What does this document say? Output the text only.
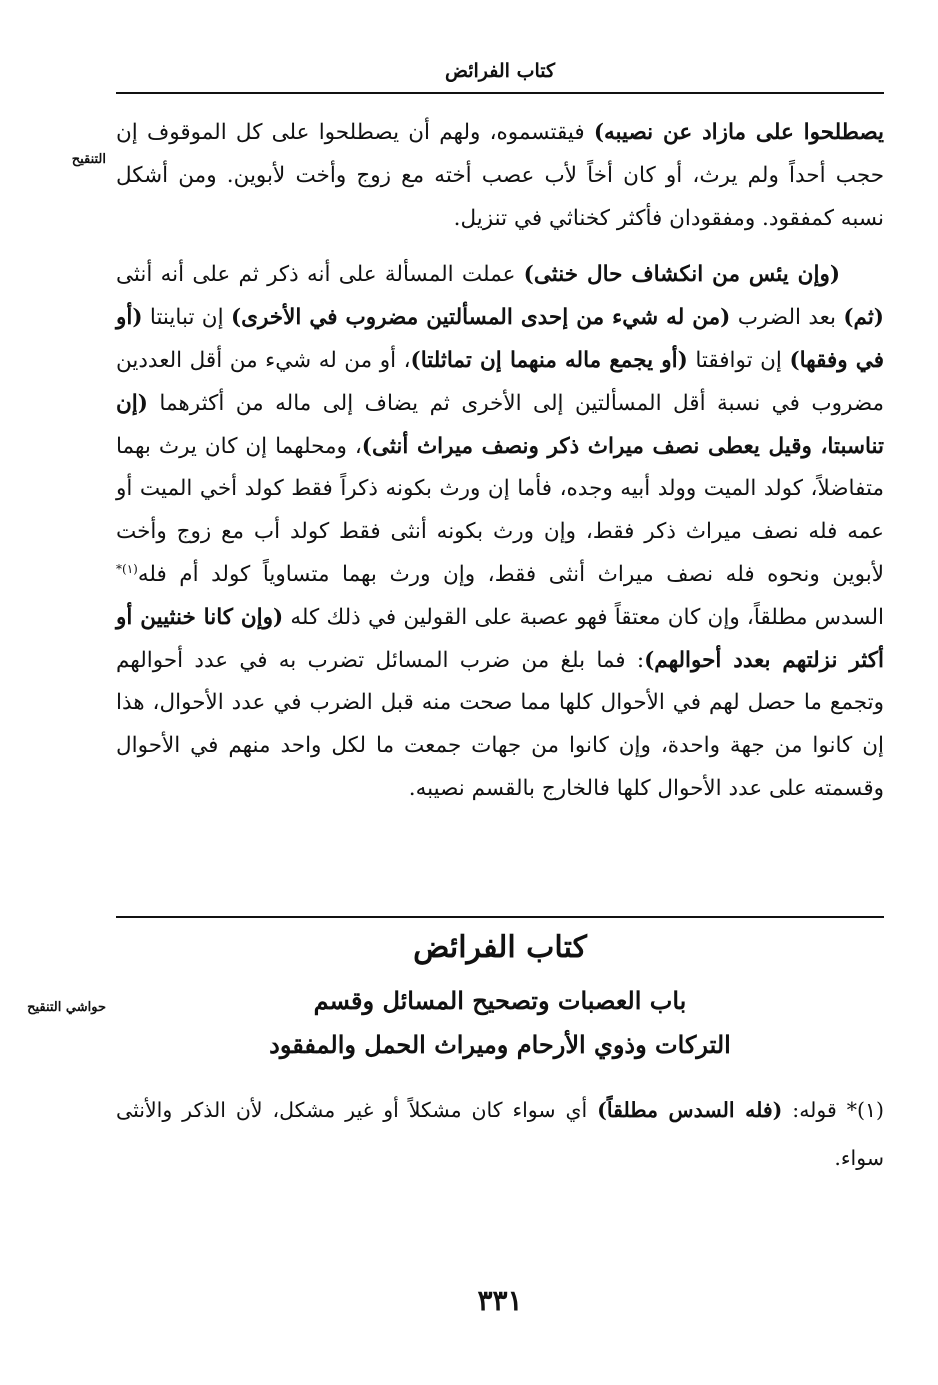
كتاب الفرائض
التنقيح

يصطلحوا على مازاد عن نصيبه) فيقتسموه، ولهم أن يصطلحوا على كل الموقوف إن حجب أحداً ولم يرث، أو كان أخاً لأب عصب أخته مع زوج وأخت لأبوين. ومن أشكل نسبه كمفقود. ومفقودان فأكثر كخناثي في تنزيل.

(وإن يئس من انكشاف حال خنثى) عملت المسألة على أنه ذكر ثم على أنه أنثى (ثم) بعد الضرب (من له شيء من إحدى المسألتين مضروب في الأخرى) إن تباينتا (أو في وفقها) إن توافقتا (أو يجمع ماله منهما إن تماثلتا)، أو من له شيء من أقل العددين مضروب في نسبة أقل المسألتين إلى الأخرى ثم يضاف إلى ماله من أكثرهما (إن تناسبتا، وقيل يعطى نصف ميراث ذكر ونصف ميراث أنثى)، ومحلهما إن كان يرث بهما متفاضلاً، كولد الميت وولد أبيه وجده، فأما إن ورث بكونه ذكراً فقط كولد أخي الميت أو عمه فله نصف ميراث ذكر فقط، وإن ورث بكونه أنثى فقط كولد أب مع زوج وأخت لأبوين ونحوه فله نصف ميراث أنثى فقط، وإن ورث بهما متساوياً كولد أم فله$^{(١)*}$ السدس مطلقاً، وإن كان معتقاً فهو عصبة على القولين في ذلك كله (وإن كانا خنثيين أو أكثر نزلتهم بعدد أحوالهم): فما بلغ من ضرب المسائل تضرب به في عدد أحوالهم وتجمع ما حصل لهم في الأحوال كلها مما صحت منه قبل الضرب في عدد الأحوال، هذا إن كانوا من جهة واحدة، وإن كانوا من جهات جمعت ما لكل واحد منهم في الأحوال وقسمته على عدد الأحوال كلها فالخارج بالقسم نصيبه.

كتاب الفرائض
حواشي التنقيح	باب العصبات وتصحيح المسائل وقسم
التركات وذوي الأرحام وميراث الحمل والمفقود
(١)* قوله: (فله السدس مطلقاً) أي سواء كان مشكلاً أو غير مشكل، لأن الذكر والأنثى سواء.
٣٣١
